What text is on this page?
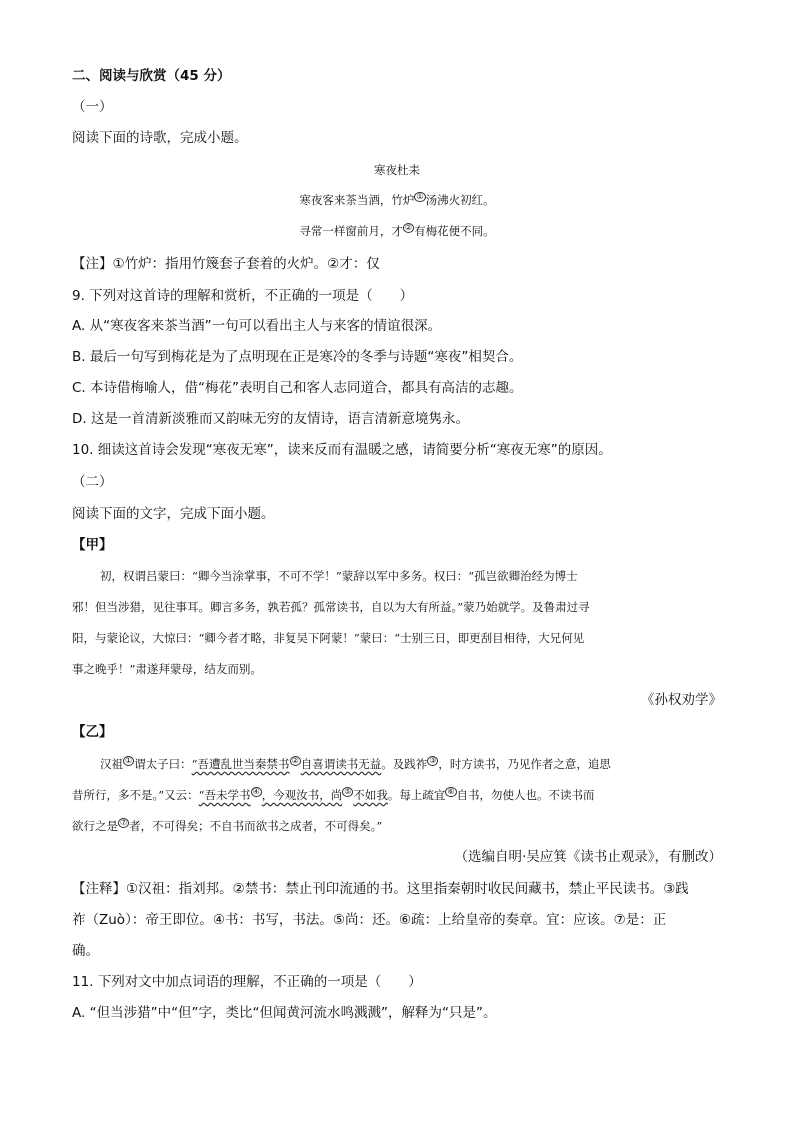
二、阅读与欣赏（45 分）
（一）
阅读下面的诗歌，完成小题。
寒夜杜耒
寒夜客来茶当酒，竹炉 ① 汤沸火初红。
寻常一样窗前月，才 ② 有梅花便不同。
【注】①竹炉：指用竹篾套子套着的火炉。②才：仅
9. 下列对这首诗的理解和赏析，不正确的一项是（　　）
A. 从“寒夜客来茶当酒”一句可以看出主人与来客的情谊很深。
B. 最后一句写到梅花是为了点明现在正是寒冷的冬季与诗题“寒夜”相契合。
C. 本诗借梅喻人，借“梅花”表明自己和客人志同道合，都具有高洁的志趣。
D. 这是一首清新淡雅而又韵味无穷的友情诗，语言清新意境隽永。
10. 细读这首诗会发现“寒夜无寒”，读来反而有温暖之感，请简要分析“寒夜无寒”的原因。
（二）
阅读下面的文字，完成下面小题。
【甲】
初，权谓吕蒙曰：“卿今当涂掌事，不可不学！”蒙辞以军中多务。权曰：“孤岂欲卿治经为博士
邪！但当涉猎，见往事耳。卿言多务，孰若孤？孤常读书，自以为大有所益。”蒙乃始就学。及鲁肃过寻
阳，与蒙论议，大惊曰：“卿今者才略，非复吴下阿蒙！”蒙曰：“士别三日，即更刮目相待，大兄何见
事之晚乎！”肃遂拜蒙母，结友而别。
《孙权劝学》
【乙】
汉祖 ① 谓太子曰：“吾遭乱世当秦禁书 ② 自喜谓读书无益。及践祚 ③ ，时方读书，乃见作者之意，追思
昔所行，多不是。”又云：“吾未学书 ④ ，今观汝书，尚 ⑤ 不如我。每上疏宜 ⑥ 自书，勿使人也。不读书而
欲行之是 ⑦ 者，不可得矣；不自书而欲书之成者，不可得矣。”
（选编自明·吴应箕《读书止观录》，有删改）
【注释】①汉祖：指刘邦。②禁书：禁止刊印流通的书。这里指秦朝时收民间藏书，禁止平民读书。③践
祚（Zuò）：帝王即位。④书：书写，书法。⑤尚：还。⑥疏：上给皇帝的奏章。宜：应该。⑦是：正
确。
11. 下列对文中加点词语的理解，不正确的一项是（　　）
A. “但当涉猎”中“但”字，类比“但闻黄河流水鸣溅溅”，解释为“只是”。
